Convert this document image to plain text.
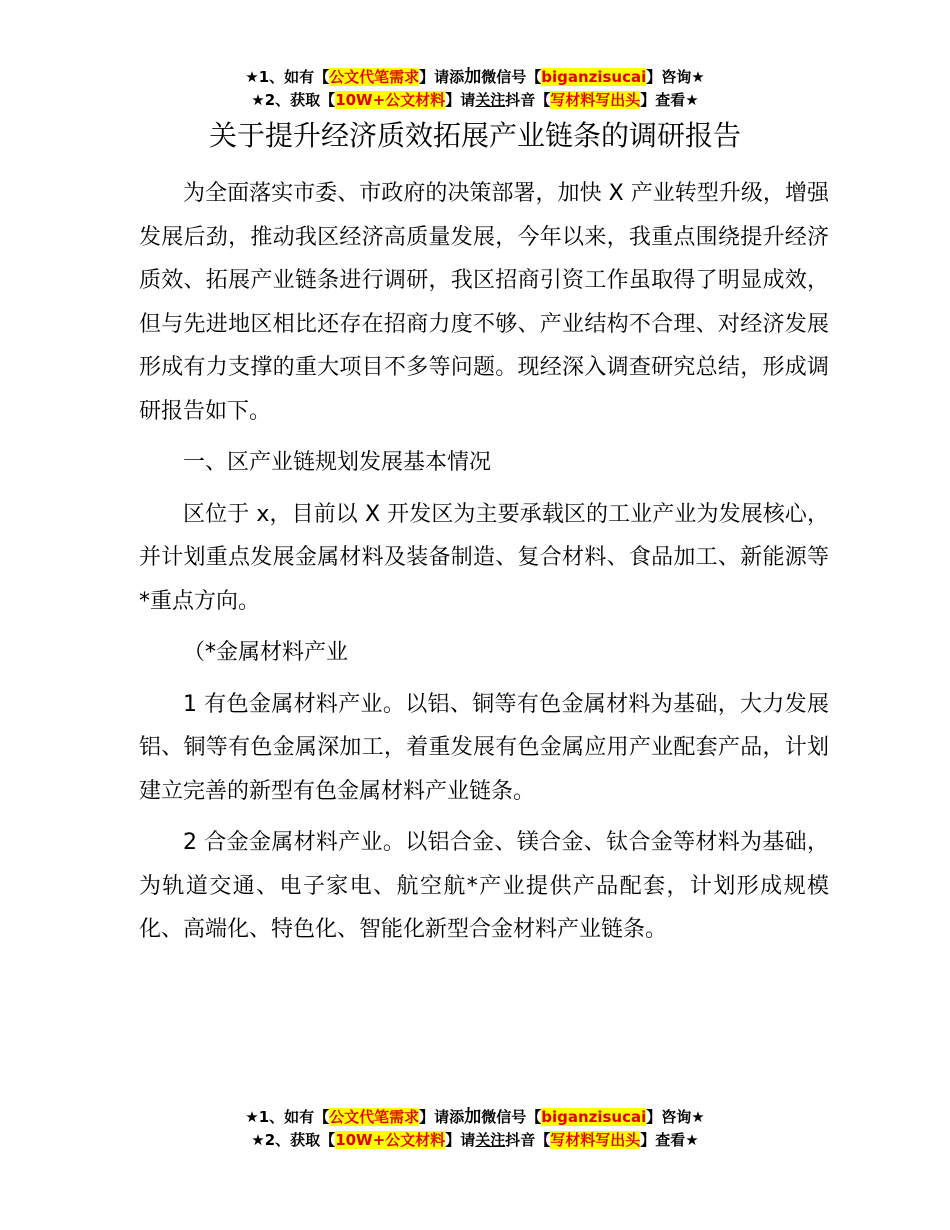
★1、如有【公文代笔需求】请添加微信号【biganzisucai】咨询★
★2、获取【10W+公文材料】请关注抖音【写材料写出头】查看★
关于提升经济质效拓展产业链条的调研报告

为全面落实市委、市政府的决策部署，加快 X 产业转型升级，增强发展后劲，推动我区经济高质量发展，今年以来，我重点围绕提升经济质效、拓展产业链条进行调研，我区招商引资工作虽取得了明显成效，但与先进地区相比还存在招商力度不够、产业结构不合理、对经济发展形成有力支撑的重大项目不多等问题。现经深入调查研究总结，形成调研报告如下。

一、区产业链规划发展基本情况

区位于 x，目前以 X 开发区为主要承载区的工业产业为发展核心，并计划重点发展金属材料及装备制造、复合材料、食品加工、新能源等*重点方向。

（*金属材料产业

1 有色金属材料产业。以铝、铜等有色金属材料为基础，大力发展铝、铜等有色金属深加工，着重发展有色金属应用产业配套产品，计划建立完善的新型有色金属材料产业链条。

2 合金金属材料产业。以铝合金、镁合金、钛合金等材料为基础，为轨道交通、电子家电、航空航*产业提供产品配套，计划形成规模化、高端化、特色化、智能化新型合金材料产业链条。

★1、如有【公文代笔需求】请添加微信号【biganzisucai】咨询★
★2、获取【10W+公文材料】请关注抖音【写材料写出头】查看★
